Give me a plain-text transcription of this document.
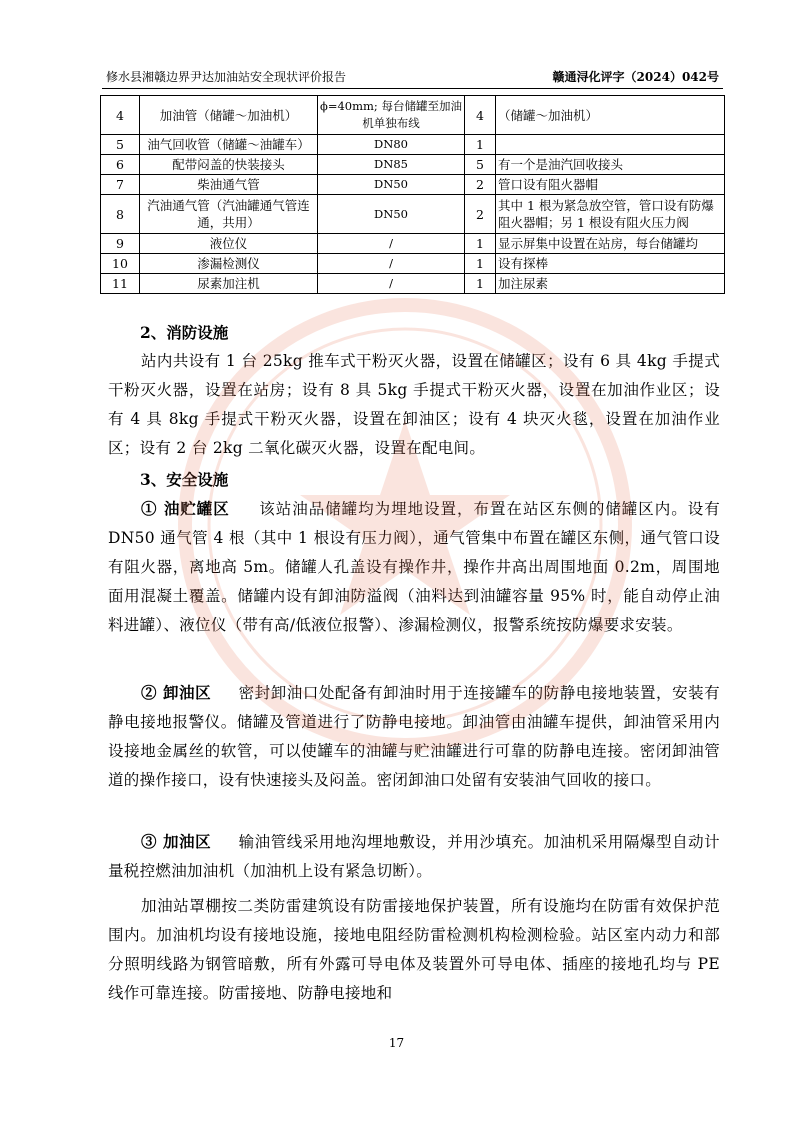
修水县湘赣边界尹达加油站安全现状评价报告	赣通浔化评字（2024）042号
4	加油管（储罐～加油机）	ϕ=40mm; 每台储罐至加油机单独布线	4	（储罐～加油机）
5	油气回收管（储罐～油罐车）	DN80	1	
6	配带闷盖的快装接头	DN85	5	有一个是油汽回收接头
7	柴油通气管	DN50	2	管口设有阻火器帽
8	汽油通气管（汽油罐通气管连通，共用）	DN50	2	其中 1 根为紧急放空管，管口设有防爆阻火器帽；另 1 根设有阻火压力阀
9	液位仪	/	1	显示屏集中设置在站房，每台储罐均
10	渗漏检测仪	/	1	设有探棒
11	尿素加注机	/	1	加注尿素
2、消防设施
站内共设有 1 台 25kg 推车式干粉灭火器，设置在储罐区；设有 6 具 4kg 手提式干粉灭火器，设置在站房；设有 8 具 5kg 手提式干粉灭火器，设置在加油作业区；设有 4 具 8kg 手提式干粉灭火器，设置在卸油区；设有 4 块灭火毯，设置在加油作业区；设有 2 台 2kg 二氧化碳灭火器，设置在配电间。
3、安全设施
① 油贮罐区 该站油品储罐均为埋地设置，布置在站区东侧的储罐区内。设有 DN50 通气管 4 根（其中 1 根设有压力阀），通气管集中布置在罐区东侧，通气管口设有阻火器，离地高 5m。储罐人孔盖设有操作井，操作井高出周围地面 0.2m，周围地面用混凝土覆盖。储罐内设有卸油防溢阀（油料达到油罐容量 95% 时，能自动停止油料进罐）、液位仪（带有高/低液位报警）、渗漏检测仪，报警系统按防爆要求安装。
② 卸油区 密封卸油口处配备有卸油时用于连接罐车的防静电接地装置，安装有静电接地报警仪。储罐及管道进行了防静电接地。卸油管由油罐车提供，卸油管采用内设接地金属丝的软管，可以使罐车的油罐与贮油罐进行可靠的防静电连接。密闭卸油管道的操作接口，设有快速接头及闷盖。密闭卸油口处留有安装油气回收的接口。
③ 加油区 输油管线采用地沟埋地敷设，并用沙填充。加油机采用隔爆型自动计量税控燃油加油机（加油机上设有紧急切断）。
加油站罩棚按二类防雷建筑设有防雷接地保护装置，所有设施均在防雷有效保护范围内。加油机均设有接地设施，接地电阻经防雷检测机构检测检验。站区室内动力和部分照明线路为钢管暗敷，所有外露可导电体及装置外可导电体、插座的接地孔均与 PE 线作可靠连接。防雷接地、防静电接地和
17
